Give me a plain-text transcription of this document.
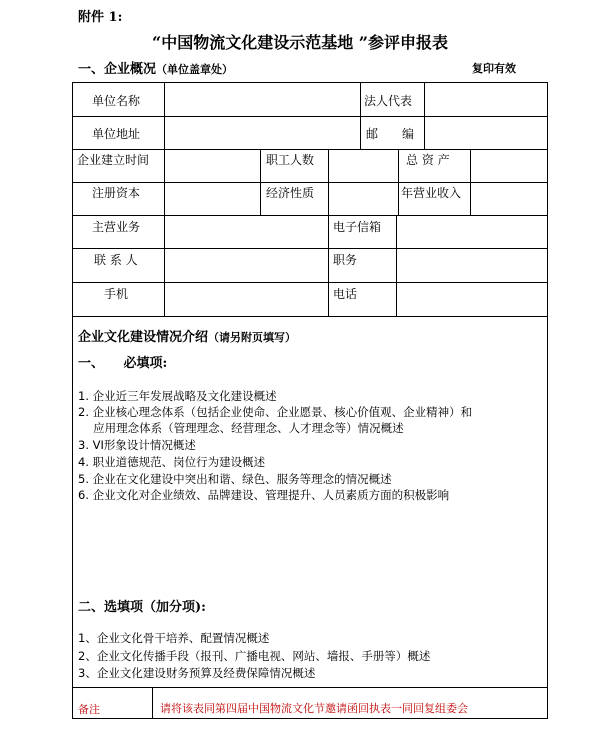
附件 1:
“中国物流文化建设示范基地 ”参评申报表
一、企业概况（单位盖章处）	复印有效
单位名称	法人代表
单位地址	邮　　编
企业建立时间	职工人数	总 资 产
注册资本	经济性质	年营业收入
主营业务	电子信箱
联 系 人	职务
手机	电话
企业文化建设情况介绍（请另附页填写）
一、　　必填项:
1. 企业近三年发展战略及文化建设概述
2. 企业核心理念体系（包括企业使命、企业愿景、核心价值观、企业精神）和
　 应用理念体系（管理理念、经营理念、人才理念等）情况概述
3. VI形象设计情况概述
4. 职业道德规范、岗位行为建设概述
5. 企业在文化建设中突出和谐、绿色、服务等理念的情况概述
6. 企业文化对企业绩效、品牌建设、管理提升、人员素质方面的积极影响
二、选填项（加分项):
1、企业文化骨干培养、配置情况概述
2、企业文化传播手段（报刊、广播电视、网站、墙报、手册等）概述
3、企业文化建设财务预算及经费保障情况概述
备注	请将该表同第四届中国物流文化节邀请函回执表一同回复组委会
